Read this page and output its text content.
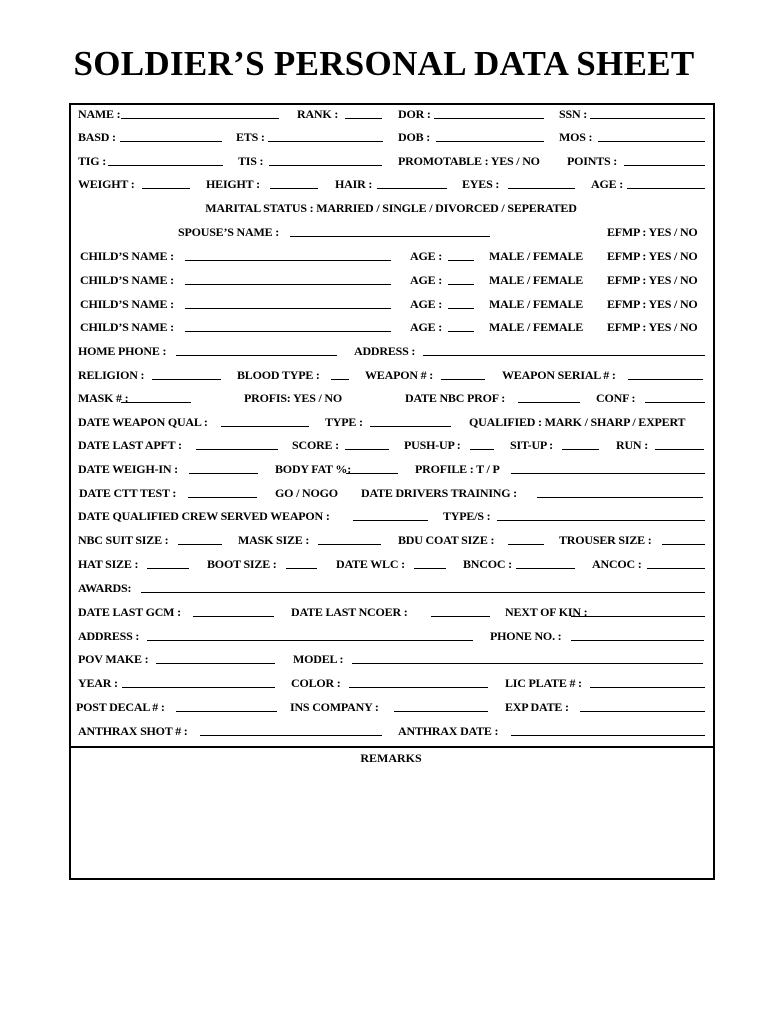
SOLDIER’S PERSONAL DATA SHEET
NAME :	RANK :	DOR :	SSN :
BASD :	ETS :	DOB :	MOS :
TIG :	TIS :	PROMOTABLE : YES / NO POINTS :
WEIGHT :	HEIGHT :	HAIR :	EYES :	AGE :
MARITAL STATUS : MARRIED / SINGLE / DIVORCED / SEPERATED
SPOUSE’S NAME :	EFMP : YES / NO
CHILD’S NAME :	AGE :	MALE / FEMALE EFMP : YES / NO
CHILD’S NAME :	AGE :	MALE / FEMALE EFMP : YES / NO
CHILD’S NAME :	AGE :	MALE / FEMALE EFMP : YES / NO
CHILD’S NAME :	AGE :	MALE / FEMALE EFMP : YES / NO
HOME PHONE :	ADDRESS :
RELIGION :	BLOOD TYPE :	WEAPON # :	WEAPON SERIAL # :
MASK # :	PROFIS: YES / NO	DATE NBC PROF :	CONF :
DATE WEAPON QUAL :	TYPE :	QUALIFIED : MARK / SHARP / EXPERT
DATE LAST APFT :	SCORE :	PUSH-UP :	SIT-UP :	RUN :
DATE WEIGH-IN :	BODY FAT %:	PROFILE : T / P
DATE CTT TEST :	GO / NOGO DATE DRIVERS TRAINING :
DATE QUALIFIED CREW SERVED WEAPON :	TYPE/S :
NBC SUIT SIZE :	MASK SIZE :	BDU COAT SIZE :	TROUSER SIZE :
HAT SIZE :	BOOT SIZE :	DATE WLC :	BNCOC :	ANCOC :
AWARDS:
DATE LAST GCM :	DATE LAST NCOER :	NEXT OF KIN :
ADDRESS :	PHONE NO. :
POV MAKE :	MODEL :
YEAR :	COLOR :	LIC PLATE # :
POST DECAL # :	INS COMPANY :	EXP DATE :
ANTHRAX SHOT # :	ANTHRAX DATE :
REMARKS
